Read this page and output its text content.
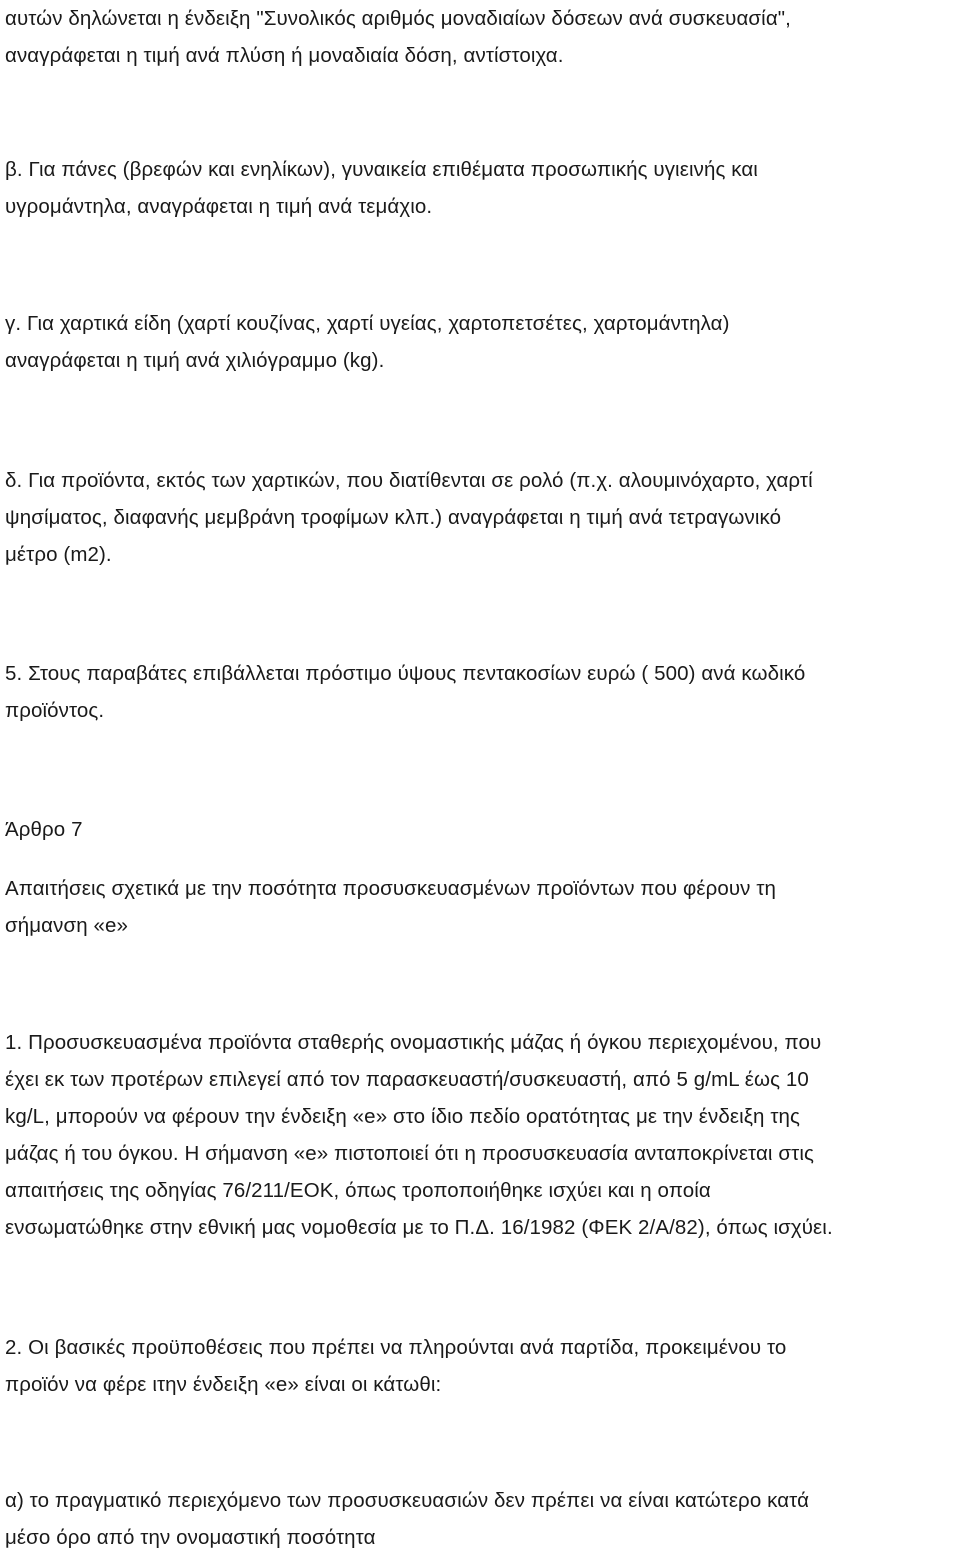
αυτών δηλώνεται η ένδειξη "Συνολικός αριθμός μοναδιαίων δόσεων ανά συσκευασία",
αναγράφεται η τιμή ανά πλύση ή μοναδιαία δόση, αντίστοιχα.
β. Για πάνες (βρεφών και ενηλίκων), γυναικεία επιθέματα προσωπικής υγιεινής και
υγρομάντηλα, αναγράφεται η τιμή ανά τεμάχιο.
γ. Για χαρτικά είδη (χαρτί κουζίνας, χαρτί υγείας, χαρτοπετσέτες, χαρτομάντηλα)
αναγράφεται η τιμή ανά χιλιόγραμμο (kg).
δ. Για προϊόντα, εκτός των χαρτικών, που διατίθενται σε ρολό (π.χ. αλουμινόχαρτο, χαρτί
ψησίματος, διαφανής μεμβράνη τροφίμων κλπ.) αναγράφεται η τιμή ανά τετραγωνικό
μέτρο (m2).
5. Στους παραβάτες επιβάλλεται πρόστιμο ύψους πεντακοσίων ευρώ ( 500) ανά κωδικό
προϊόντος.
Άρθρο 7
Απαιτήσεις σχετικά με την ποσότητα προσυσκευασμένων προϊόντων που φέρουν τη
σήμανση «e»
1. Προσυσκευασμένα προϊόντα σταθερής ονομαστικής μάζας ή όγκου περιεχομένου, που
έχει εκ των προτέρων επιλεγεί από τον παρασκευαστή/συσκευαστή, από 5 g/mL έως 10
kg/L, μπορούν να φέρουν την ένδειξη «e» στο ίδιο πεδίο ορατότητας με την ένδειξη της
μάζας ή του όγκου. Η σήμανση «e» πιστοποιεί ότι η προσυσκευασία ανταποκρίνεται στις
απαιτήσεις της οδηγίας 76/211/ΕΟΚ, όπως τροποποιήθηκε ισχύει και η οποία
ενσωματώθηκε στην εθνική μας νομοθεσία με το Π.Δ. 16/1982 (ΦΕΚ 2/Α/82), όπως ισχύει.
2. Οι βασικές προϋποθέσεις που πρέπει να πληρούνται ανά παρτίδα, προκειμένου το
προϊόν να φέρε ιτην ένδειξη «e» είναι οι κάτωθι:
α) το πραγματικό περιεχόμενο των προσυσκευασιών δεν πρέπει να είναι κατώτερο κατά
μέσο όρο από την ονομαστική ποσότητα
